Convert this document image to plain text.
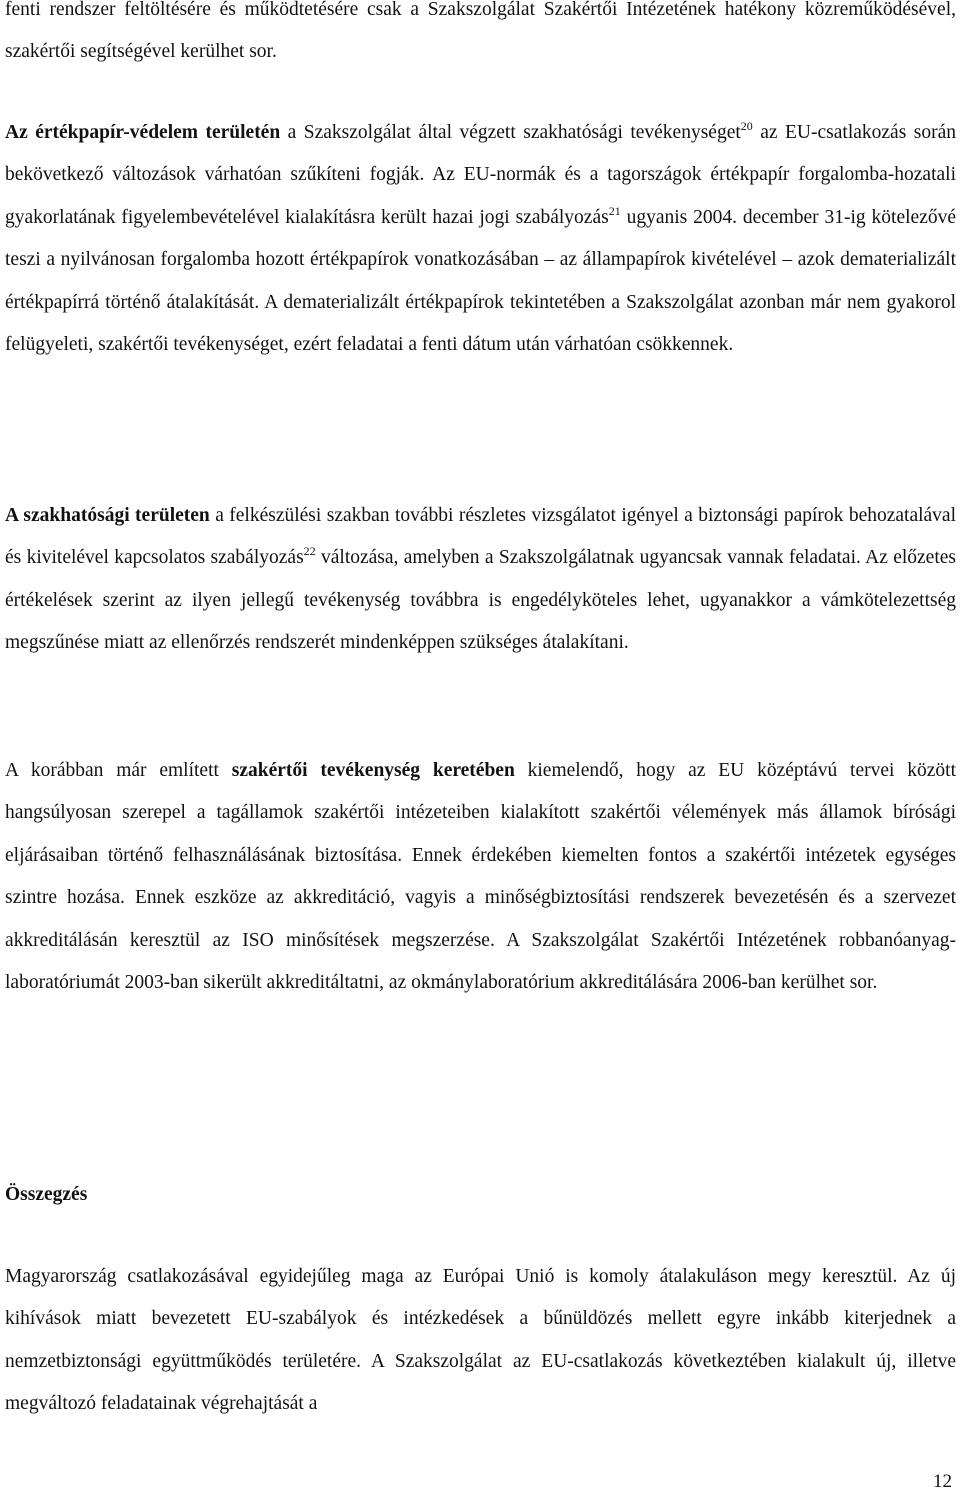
fenti rendszer feltöltésére és működtetésére csak a Szakszolgálat Szakértői Intézetének hatékony közreműködésével, szakértői segítségével kerülhet sor.

Az értékpapír-védelem területén a Szakszolgálat által végzett szakhatósági tevékenységet$^{20}$ az EU-csatlakozás során bekövetkező változások várhatóan szűkíteni fogják. Az EU-normák és a tagországok értékpapír forgalomba-hozatali gyakorlatának figyelembevételével kialakításra került hazai jogi szabályozás$^{21}$ ugyanis 2004. december 31-ig kötelezővé teszi a nyilvánosan forgalomba hozott értékpapírok vonatkozásában – az állampapírok kivételével – azok dematerializált értékpapírrá történő átalakítását. A dematerializált értékpapírok tekintetében a Szakszolgálat azonban már nem gyakorol felügyeleti, szakértői tevékenységet, ezért feladatai a fenti dátum után várhatóan csökkennek.

A szakhatósági területen a felkészülési szakban további részletes vizsgálatot igényel a biztonsági papírok behozatalával és kivitelével kapcsolatos szabályozás$^{22}$ változása, amelyben a Szakszolgálatnak ugyancsak vannak feladatai. Az előzetes értékelések szerint az ilyen jellegű tevékenység továbbra is engedélyköteles lehet, ugyanakkor a vámkötelezettség megszűnése miatt az ellenőrzés rendszerét mindenképpen szükséges átalakítani.

A korábban már említett szakértői tevékenység keretében kiemelendő, hogy az EU középtávú tervei között hangsúlyosan szerepel a tagállamok szakértői intézeteiben kialakított szakértői vélemények más államok bírósági eljárásaiban történő felhasználásának biztosítása. Ennek érdekében kiemelten fontos a szakértői intézetek egységes szintre hozása. Ennek eszköze az akkreditáció, vagyis a minőségbiztosítási rendszerek bevezetésén és a szervezet akkreditálásán keresztül az ISO minősítések megszerzése. A Szakszolgálat Szakértői Intézetének robbanóanyag-laboratóriumát 2003-ban sikerült akkreditáltatni, az okmánylaboratórium akkreditálására 2006-ban kerülhet sor.

Összegzés

Magyarország csatlakozásával egyidejűleg maga az Európai Unió is komoly átalakuláson megy keresztül. Az új kihívások miatt bevezetett EU-szabályok és intézkedések a bűnüldözés mellett egyre inkább kiterjednek a nemzetbiztonsági együttműködés területére. A Szakszolgálat az EU-csatlakozás következtében kialakult új, illetve megváltozó feladatainak végrehajtását a

12
